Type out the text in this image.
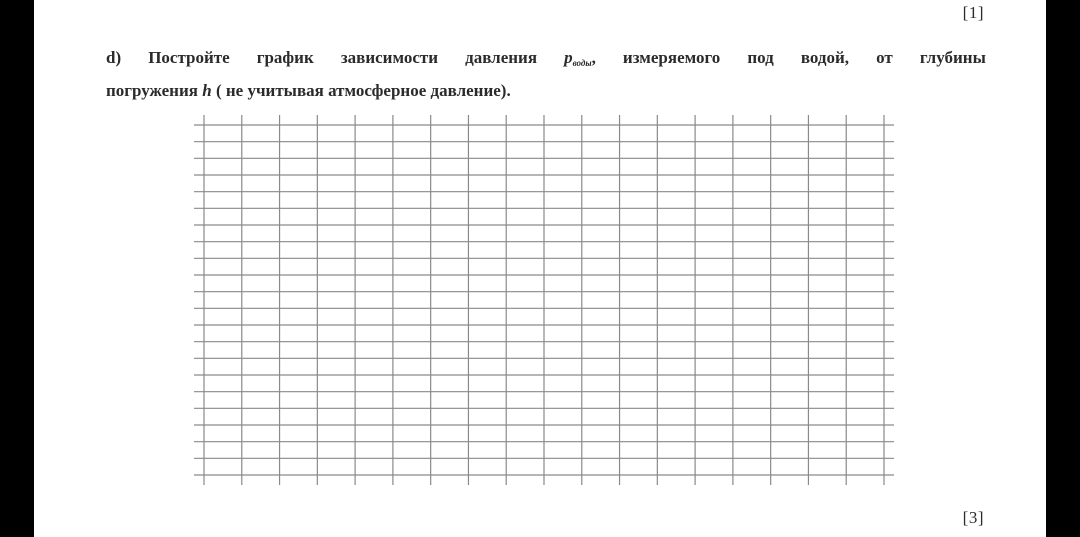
[1]
d) Постройте график зависимости давления $p_{воды}$, измеряемого под водой, от глубины
погружения h ( не учитывая атмосферное давление).
[3]
